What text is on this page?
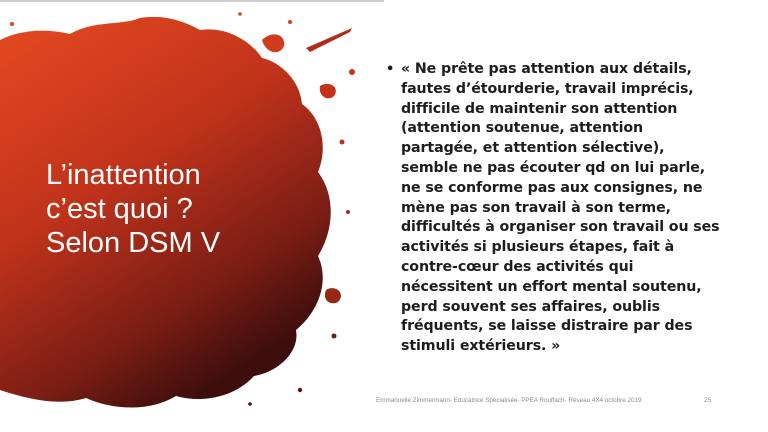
L’inattention
c’est quoi ?
Selon DSM V
• « Ne prête pas attention aux détails,
fautes d’étourderie, travail imprécis,
difficile de maintenir son attention
(attention soutenue, attention
partagée, et attention sélective),
semble ne pas écouter qd on lui parle,
ne se conforme pas aux consignes, ne
mène pas son travail à son terme,
difficultés à organiser son travail ou ses
activités si plusieurs étapes, fait à
contre-cœur des activités qui
nécessitent un effort mental soutenu,
perd souvent ses affaires, oublis
fréquents, se laisse distraire par des
stimuli extérieurs. »
Emmanuelle Zimmermann- Educatrice Spécialisée- PPEA Rouffach- Réseau 4X4 octobre 2019	25
